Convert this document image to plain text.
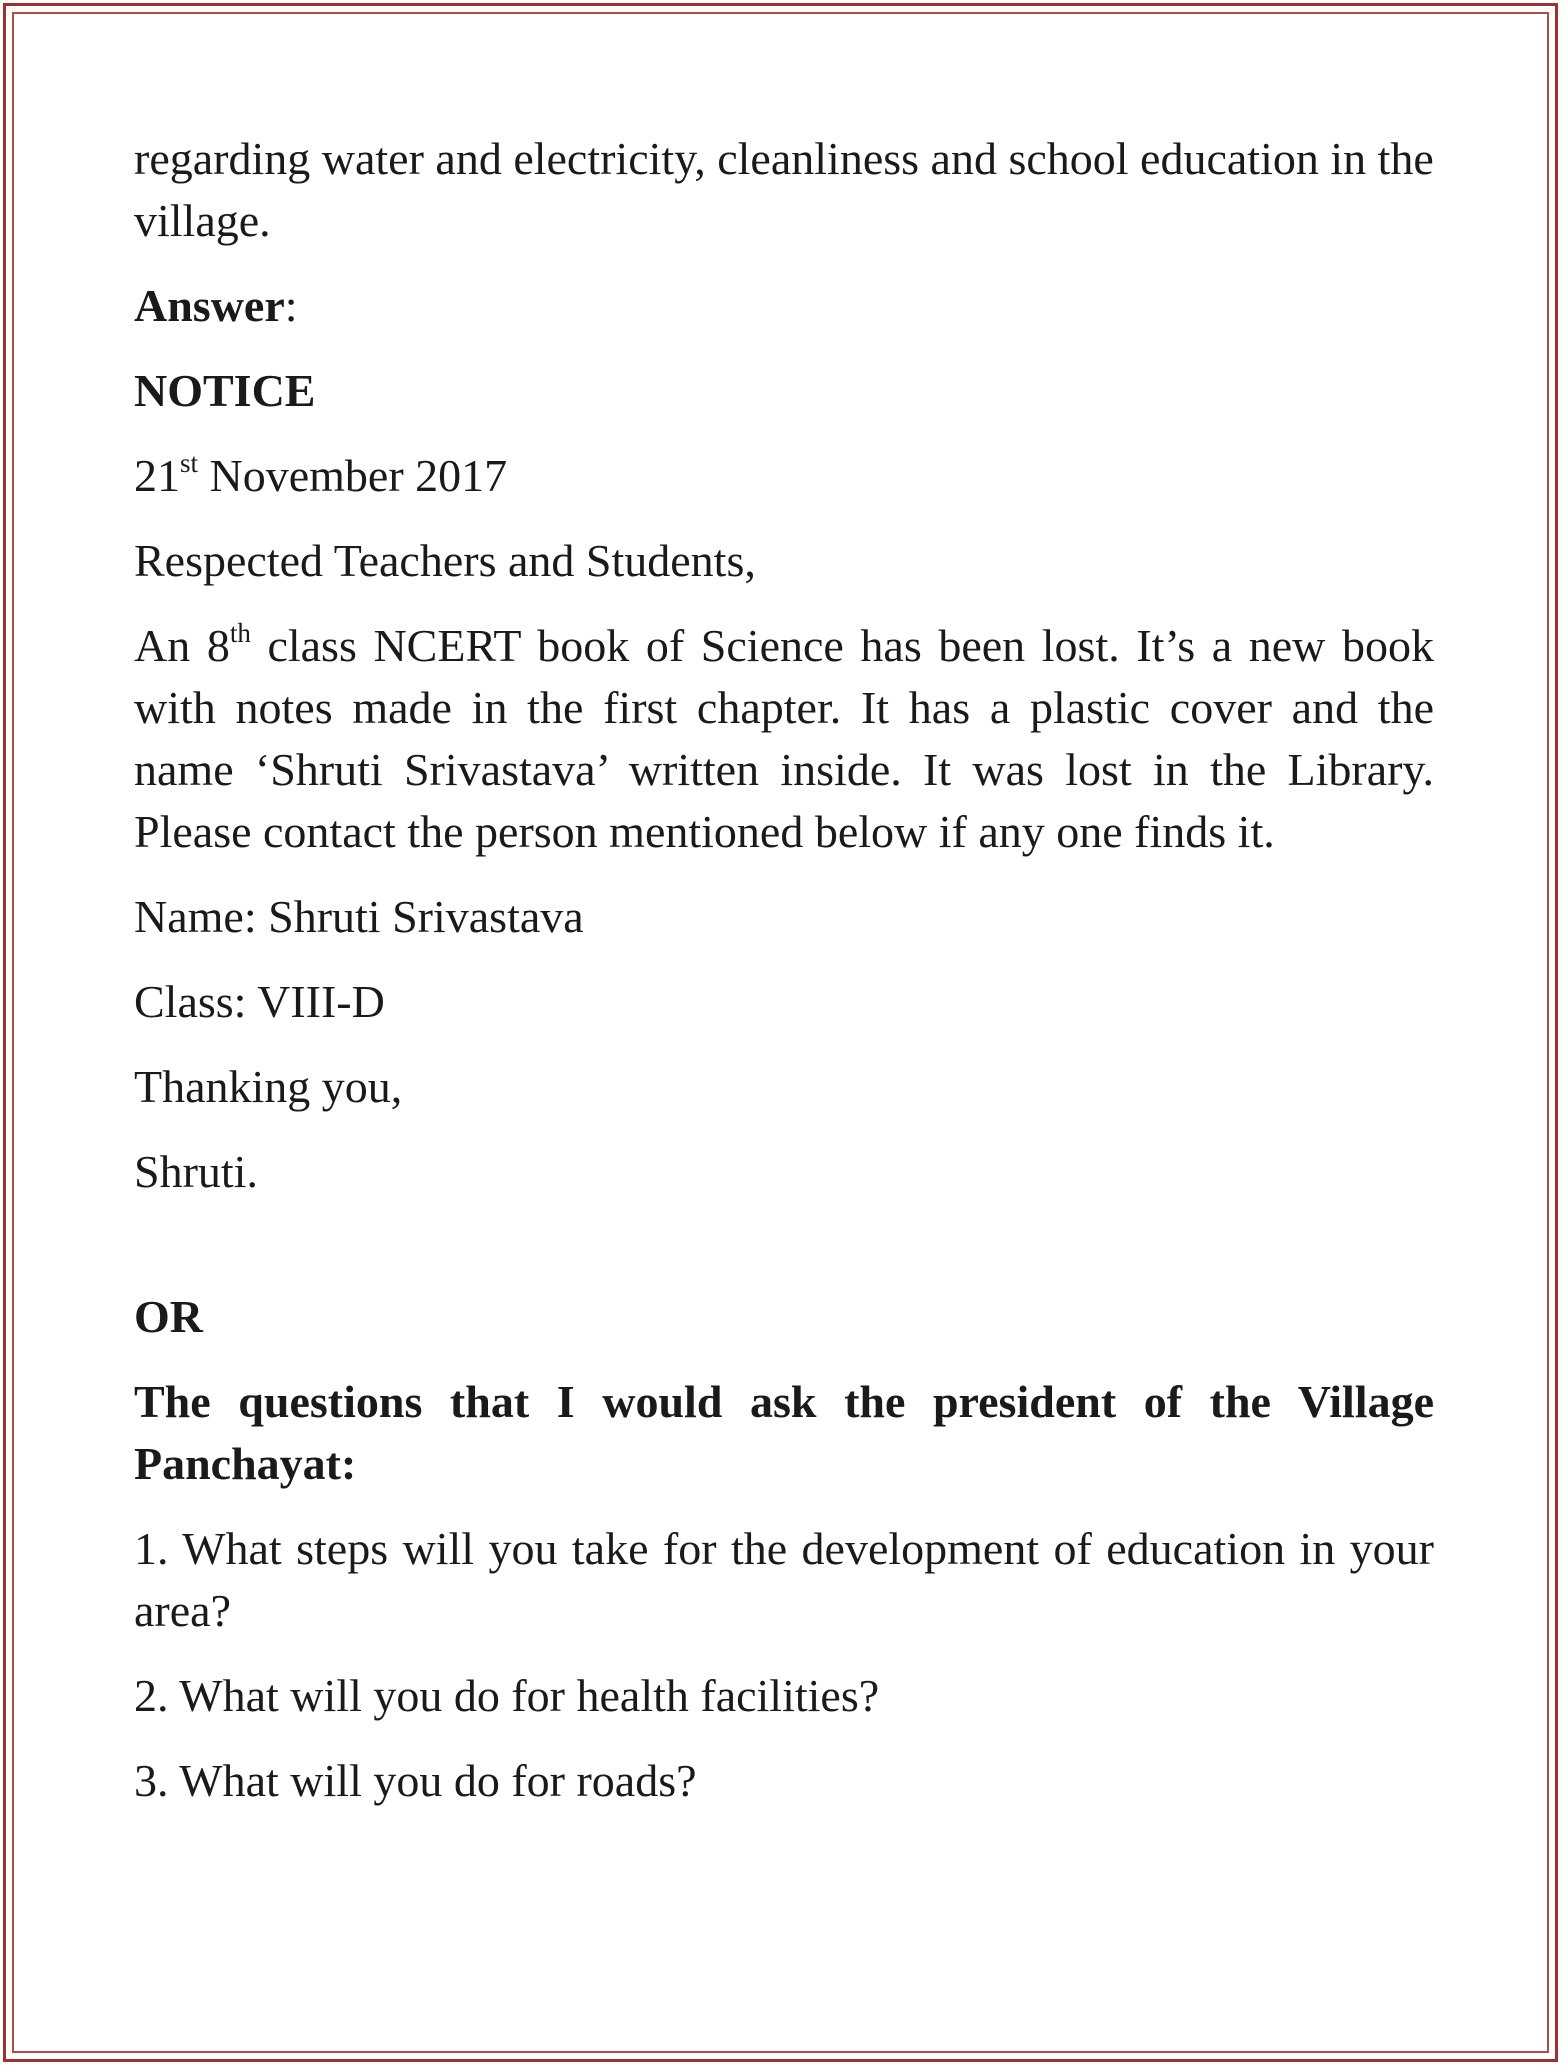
regarding water and electricity, cleanliness and school education in the village.

Answer:

NOTICE

21st November 2017

Respected Teachers and Students,

An 8th class NCERT book of Science has been lost. It’s a new book with notes made in the first chapter. It has a plastic cover and the name ‘Shruti Srivastava’ written inside. It was lost in the Library. Please contact the person mentioned below if any one finds it.

Name: Shruti Srivastava

Class: VIII-D

Thanking you,

Shruti.

OR

The questions that I would ask the president of the Village Panchayat:

1. What steps will you take for the development of education in your area?

2. What will you do for health facilities?

3. What will you do for roads?
